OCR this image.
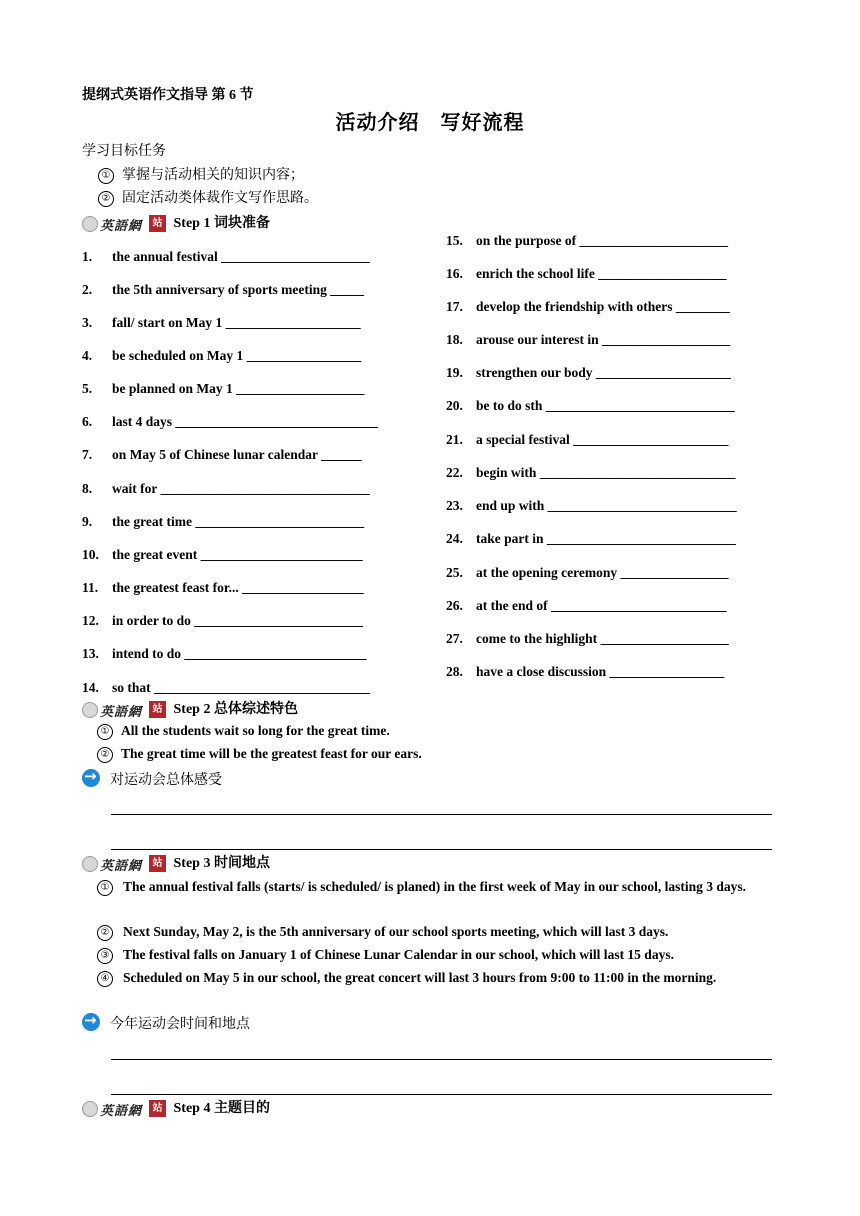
提纲式英语作文指导 第 6 节
活动介绍　写好流程
学习目标任务
① 掌握与活动相关的知识内容；
② 固定活动类体裁作文写作思路。
英語網	站 Step 1 词块准备
1. the annual festival ______________________
2. the 5th anniversary of sports meeting _____
3. fall/ start on May 1 ____________________
4. be scheduled on May 1 _________________
5. be planned on May 1 ___________________
6. last 4 days ______________________________
7. on May 5 of Chinese lunar calendar ______
8. wait for _______________________________
9. the great time _________________________
10. the great event ________________________
11. the greatest feast for... __________________
12. in order to do _________________________
13. intend to do ___________________________
14. so that ________________________________
15. on the purpose of ______________________
16. enrich the school life ___________________
17. develop the friendship with others ________
18. arouse our interest in ___________________
19. strengthen our body ____________________
20. be to do sth ____________________________
21. a special festival _______________________
22. begin with _____________________________
23. end up with ____________________________
24. take part in ____________________________
25. at the opening ceremony ________________
26. at the end of __________________________
27. come to the highlight ___________________
28. have a close discussion _________________
英語網	站 Step 2 总体综述特色
① All the students wait so long for the great time.
② The great time will be the greatest feast for our ears.
→对运动会总体感受
英語網	站 Step 3 时间地点
① The annual festival falls (starts/ is scheduled/ is planed) in the first week of May in our school, lasting 3 days.
② Next Sunday, May 2, is the 5th anniversary of our school sports meeting, which will last 3 days.
③ The festival falls on January 1 of Chinese Lunar Calendar in our school, which will last 15 days.
④ Scheduled on May 5 in our school, the great concert will last 3 hours from 9:00 to 11:00 in the morning.
→今年运动会时间和地点
英語網	站 Step 4 主题目的
